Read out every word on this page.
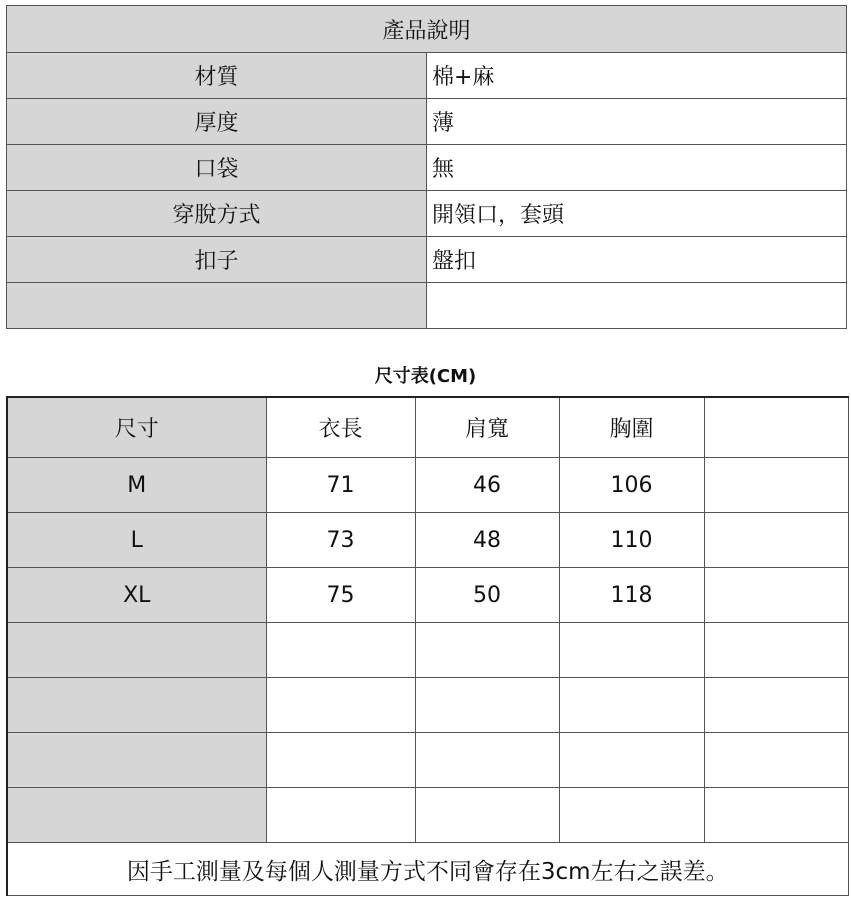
產品說明	
材質	棉+麻
厚度	薄
口袋	無
穿脫方式	開領口，套頭
扣子	盤扣

尺寸表(CM)
尺寸	衣長	肩寬	胸圍	
M	71	46	106	
L	73	48	110	
XL	75	50	118	

因手工測量及每個人測量方式不同會存在3cm左右之誤差。				
